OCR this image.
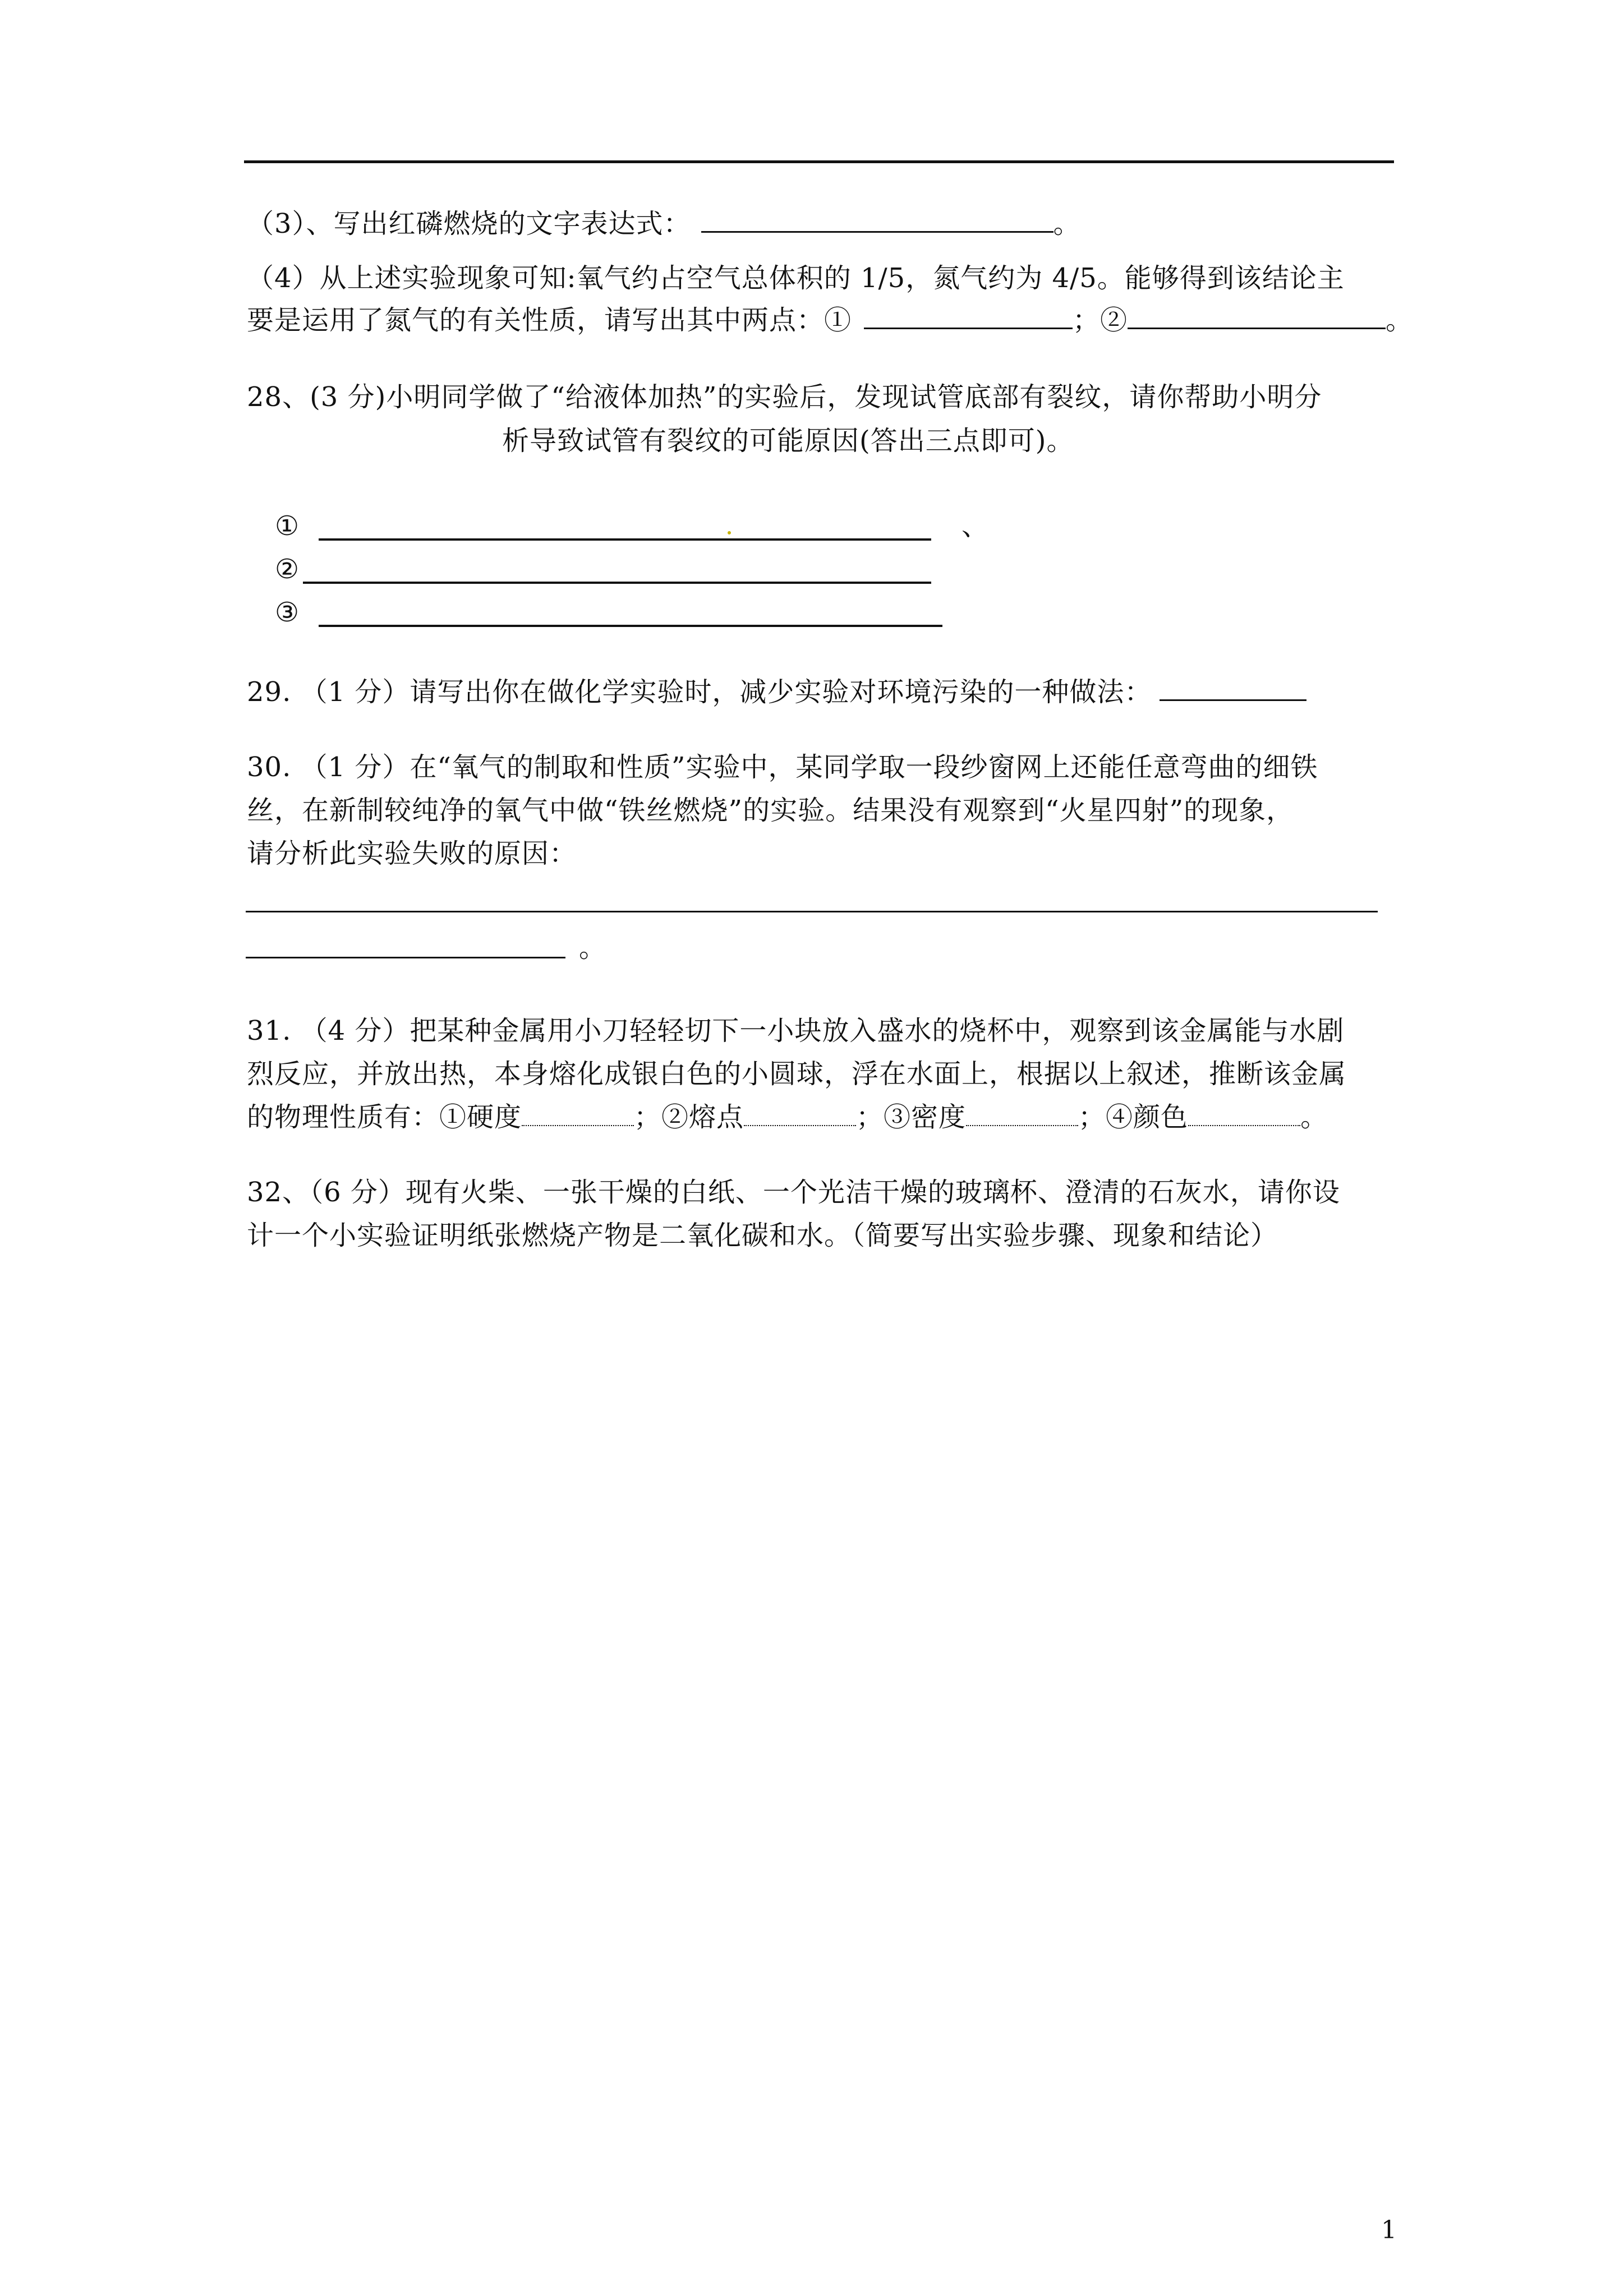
（3）、写出红磷燃烧的文字表达式：	。
（4）从上述实验现象可知:氧气约占空气总体积的 1/5，氮气约为 4/5。能够得到该结论主
要是运用了氮气的有关性质，请写出其中两点：①	；②	。
28、(3 分)小明同学做了“给液体加热”的实验后，发现试管底部有裂纹，请你帮助小明分
析导致试管有裂纹的可能原因(答出三点即可)。
①	、
②
③
29. （1 分）请写出你在做化学实验时，减少实验对环境污染的一种做法：
30. （1 分）在“氧气的制取和性质”实验中，某同学取一段纱窗网上还能任意弯曲的细铁
丝，在新制较纯净的氧气中做“铁丝燃烧”的实验。结果没有观察到“火星四射”的现象，
请分析此实验失败的原因：
。
31. （4 分）把某种金属用小刀轻轻切下一小块放入盛水的烧杯中，观察到该金属能与水剧
烈反应，并放出热，本身熔化成银白色的小圆球，浮在水面上，根据以上叙述，推断该金属
的物理性质有：①硬度	；②熔点	；③密度	；④颜色	。
32、（6 分）现有火柴、一张干燥的白纸、一个光洁干燥的玻璃杯、澄清的石灰水，请你设
计一个小实验证明纸张燃烧产物是二氧化碳和水。（简要写出实验步骤、现象和结论）
1
